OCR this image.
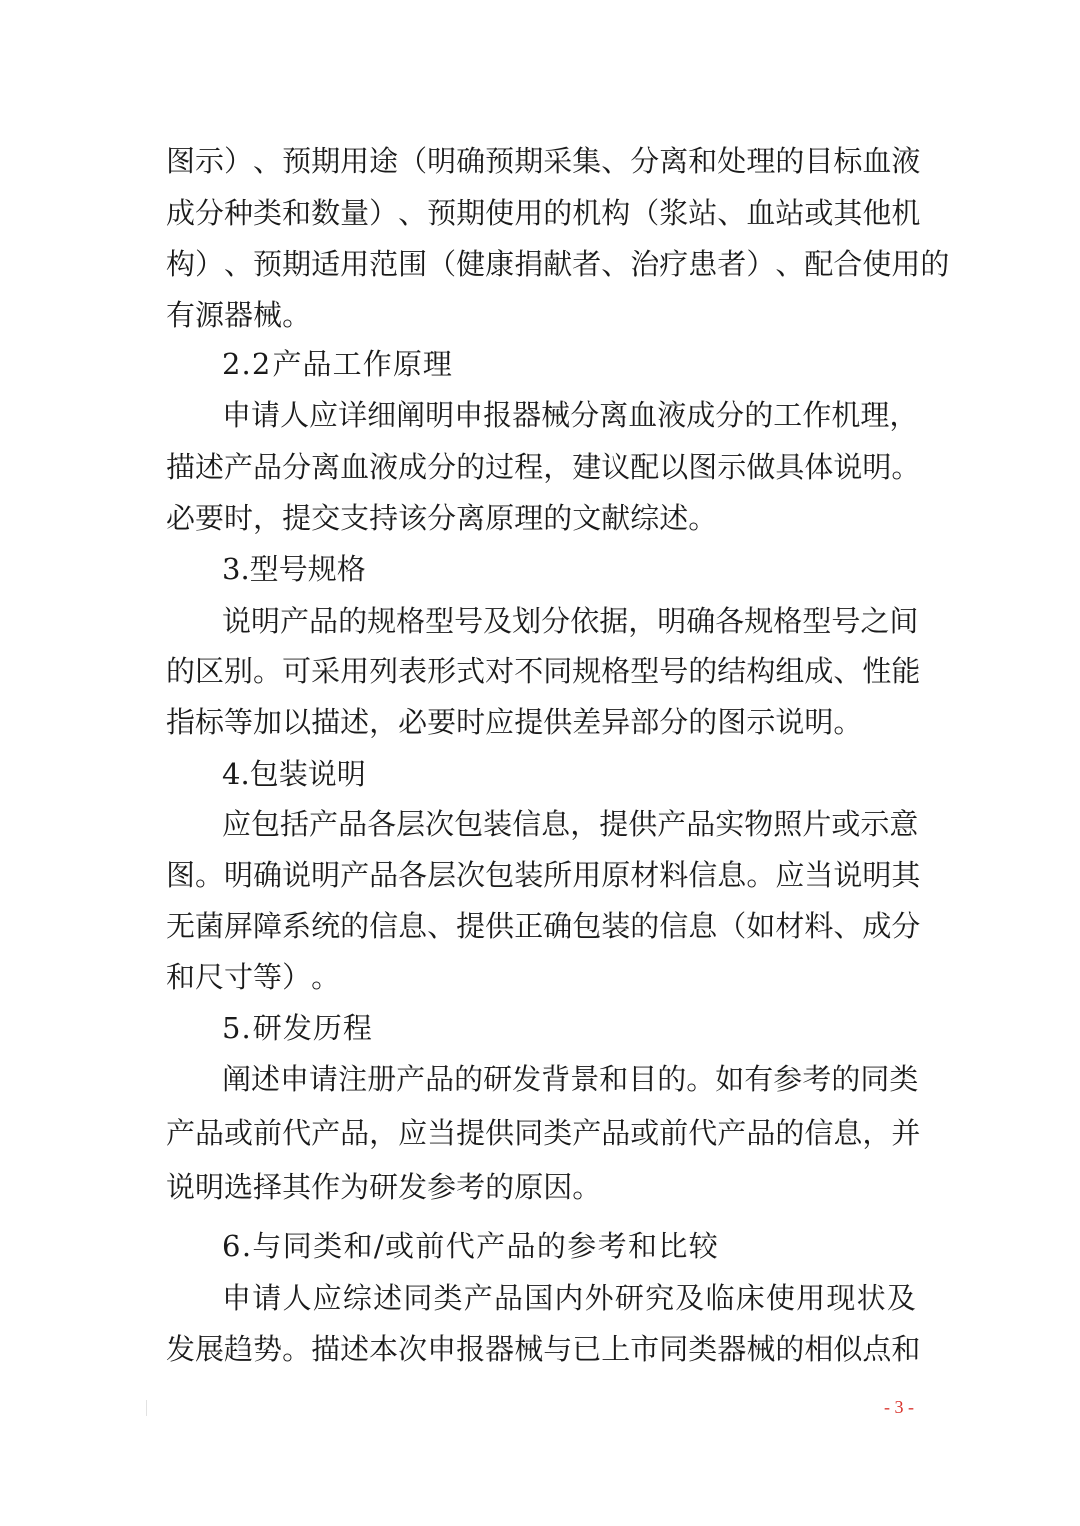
图 示 ） 、 预 期 用 途 （ 明 确 预 期 采 集 、 分 离 和 处 理 的 目 标 血 液
成 分 种 类 和 数 量 ） 、 预 期 使 用 的 机 构 （ 浆 站 、 血 站 或 其 他 机
构 ） 、 预 期 适 用 范 围 （ 健 康 捐 献 者 、 治 疗 患 者 ） 、 配 合 使 用 的
有 源 器 械 。
2 . 2 产 品 工 作 原 理
申 请 人 应 详 细 阐 明 申 报 器 械 分 离 血 液 成 分 的 工 作 机 理 ，
描 述 产 品 分 离 血 液 成 分 的 过 程 ， 建 议 配 以 图 示 做 具 体 说 明 。
必 要 时 ， 提 交 支 持 该 分 离 原 理 的 文 献 综 述 。
3 . 型 号 规 格
说 明 产 品 的 规 格 型 号 及 划 分 依 据 ， 明 确 各 规 格 型 号 之 间
的 区 别 。 可 采 用 列 表 形 式 对 不 同 规 格 型 号 的 结 构 组 成 、 性 能
指 标 等 加 以 描 述 ， 必 要 时 应 提 供 差 异 部 分 的 图 示 说 明 。
4 . 包 装 说 明
应 包 括 产 品 各 层 次 包 装 信 息 ， 提 供 产 品 实 物 照 片 或 示 意
图 。 明 确 说 明 产 品 各 层 次 包 装 所 用 原 材 料 信 息 。 应 当 说 明 其
无 菌 屏 障 系 统 的 信 息 、 提 供 正 确 包 装 的 信 息 （ 如 材 料 、 成 分
和 尺 寸 等 ） 。
5 . 研 发 历 程
阐 述 申 请 注 册 产 品 的 研 发 背 景 和 目 的 。 如 有 参 考 的 同 类
产 品 或 前 代 产 品 ， 应 当 提 供 同 类 产 品 或 前 代 产 品 的 信 息 ， 并
说 明 选 择 其 作 为 研 发 参 考 的 原 因 。
6 . 与 同 类 和 / 或 前 代 产 品 的 参 考 和 比 较
申 请 人 应 综 述 同 类 产 品 国 内 外 研 究 及 临 床 使 用 现 状 及
发 展 趋 势 。 描 述 本 次 申 报 器 械 与 已 上 市 同 类 器 械 的 相 似 点 和
- 3 -
